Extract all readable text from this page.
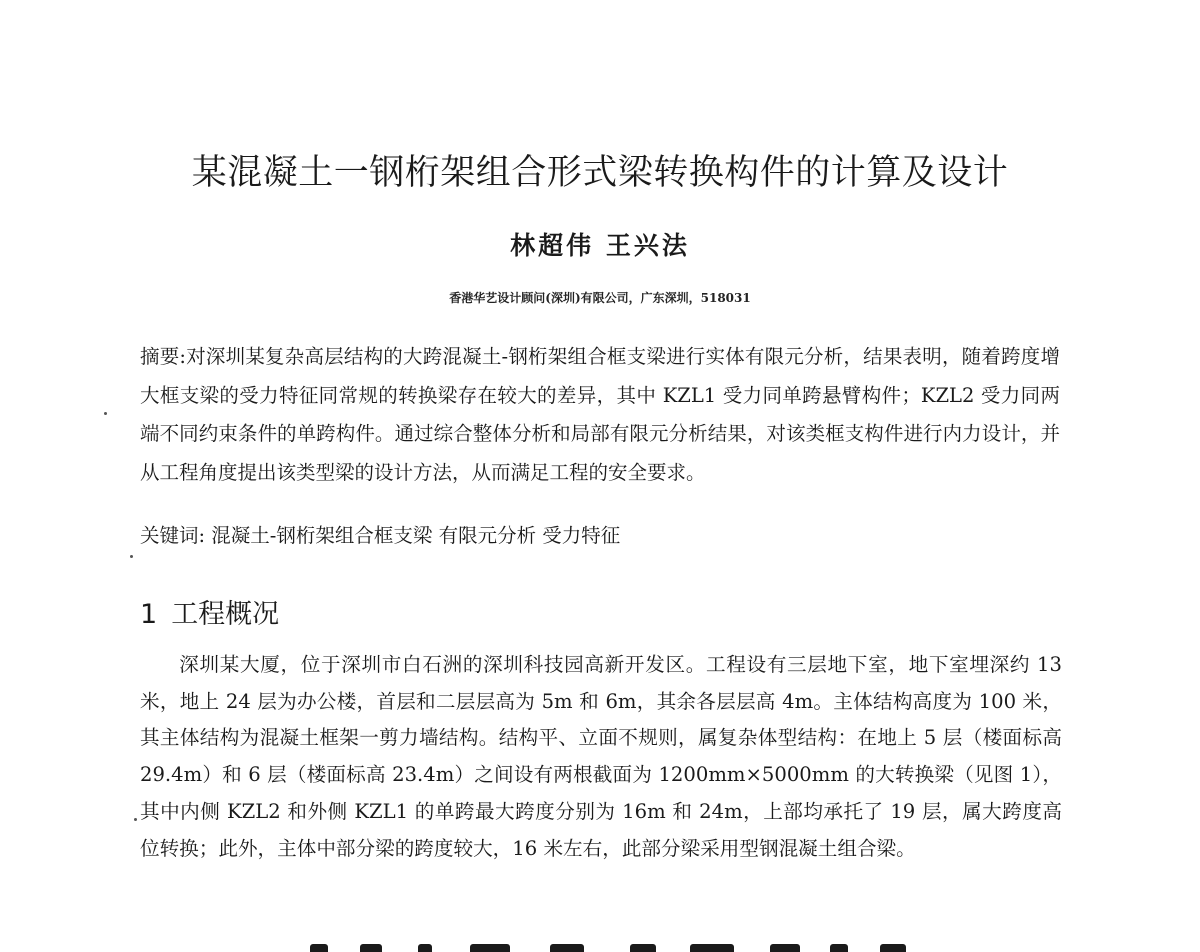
某混凝土一钢桁架组合形式梁转换构件的计算及设计
林超伟 王兴法
香港华艺设计顾问(深圳)有限公司，广东深圳，518031
摘要:对深圳某复杂高层结构的大跨混凝土-钢桁架组合框支梁进行实体有限元分析，结果表明，随着跨度增大框支梁的受力特征同常规的转换梁存在较大的差异，其中 KZL1 受力同单跨悬臂构件；KZL2 受力同两端不同约束条件的单跨构件。通过综合整体分析和局部有限元分析结果，对该类框支构件进行内力设计，并从工程角度提出该类型梁的设计方法，从而满足工程的安全要求。
关键词: 混凝土-钢桁架组合框支梁 有限元分析 受力特征
1 工程概况
深圳某大厦，位于深圳市白石洲的深圳科技园高新开发区。工程设有三层地下室，地下室埋深约 13 米，地上 24 层为办公楼，首层和二层层高为 5m 和 6m，其余各层层高 4m。主体结构高度为 100 米，其主体结构为混凝土框架一剪力墙结构。结构平、立面不规则，属复杂体型结构：在地上 5 层（楼面标高 29.4m）和 6 层（楼面标高 23.4m）之间设有两根截面为 1200mm×5000mm 的大转换梁（见图 1），其中内侧 KZL2 和外侧 KZL1 的单跨最大跨度分别为 16m 和 24m，上部均承托了 19 层，属大跨度高位转换；此外，主体中部分梁的跨度较大，16 米左右，此部分梁采用型钢混凝土组合梁。
